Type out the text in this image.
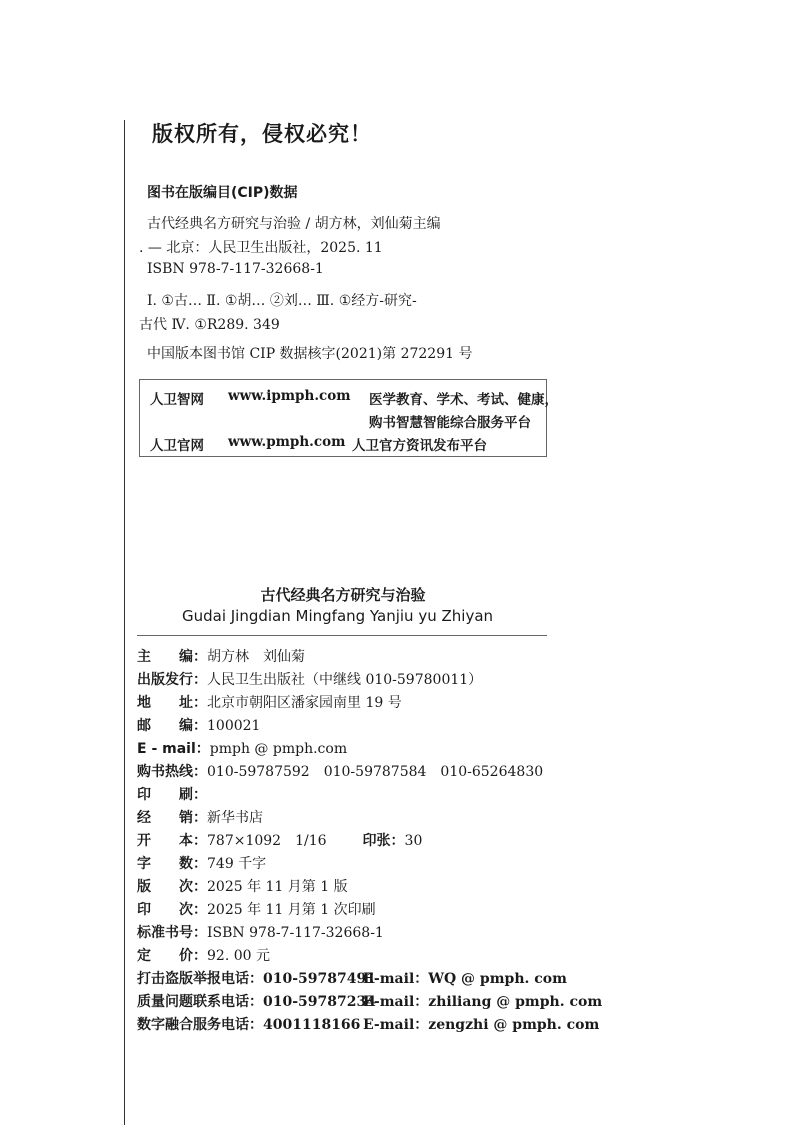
版权所有，侵权必究！
图书在版编目(CIP)数据
古代经典名方研究与治验 / 胡方林，刘仙菊主编
. — 北京：人民卫生出版社，2025. 11
ISBN 978-7-117-32668-1
Ⅰ. ①古… Ⅱ. ①胡… ②刘… Ⅲ. ①经方-研究-
古代 Ⅳ. ①R289. 349
中国版本图书馆 CIP 数据核字(2021)第 272291 号
人卫智网 www.ipmph.com 医学教育、学术、考试、健康，
购书智慧智能综合服务平台
人卫官网 www.pmph.com 人卫官方资讯发布平台
古代经典名方研究与治验
Gudai Jingdian Mingfang Yanjiu yu Zhiyan
主　　编：胡方林　刘仙菊
出版发行：人民卫生出版社（中继线 010-59780011）
地　　址：北京市朝阳区潘家园南里 19 号
邮　　编：100021
E - mail：pmph @ pmph.com
购书热线：010-59787592　010-59787584　010-65264830
印　　刷：
经　　销：新华书店
开　　本：787×1092　1/16	印张：30
字　　数：749 千字
版　　次：2025 年 11 月第 1 版
印　　次：2025 年 11 月第 1 次印刷
标准书号：ISBN 978-7-117-32668-1
定　　价：92. 00 元
打击盗版举报电话：010-59787491E-mail：WQ @ pmph. com
质量问题联系电话：010-59787234E-mail：zhiliang @ pmph. com
数字融合服务电话：4001118166 E-mail：zengzhi @ pmph. com
